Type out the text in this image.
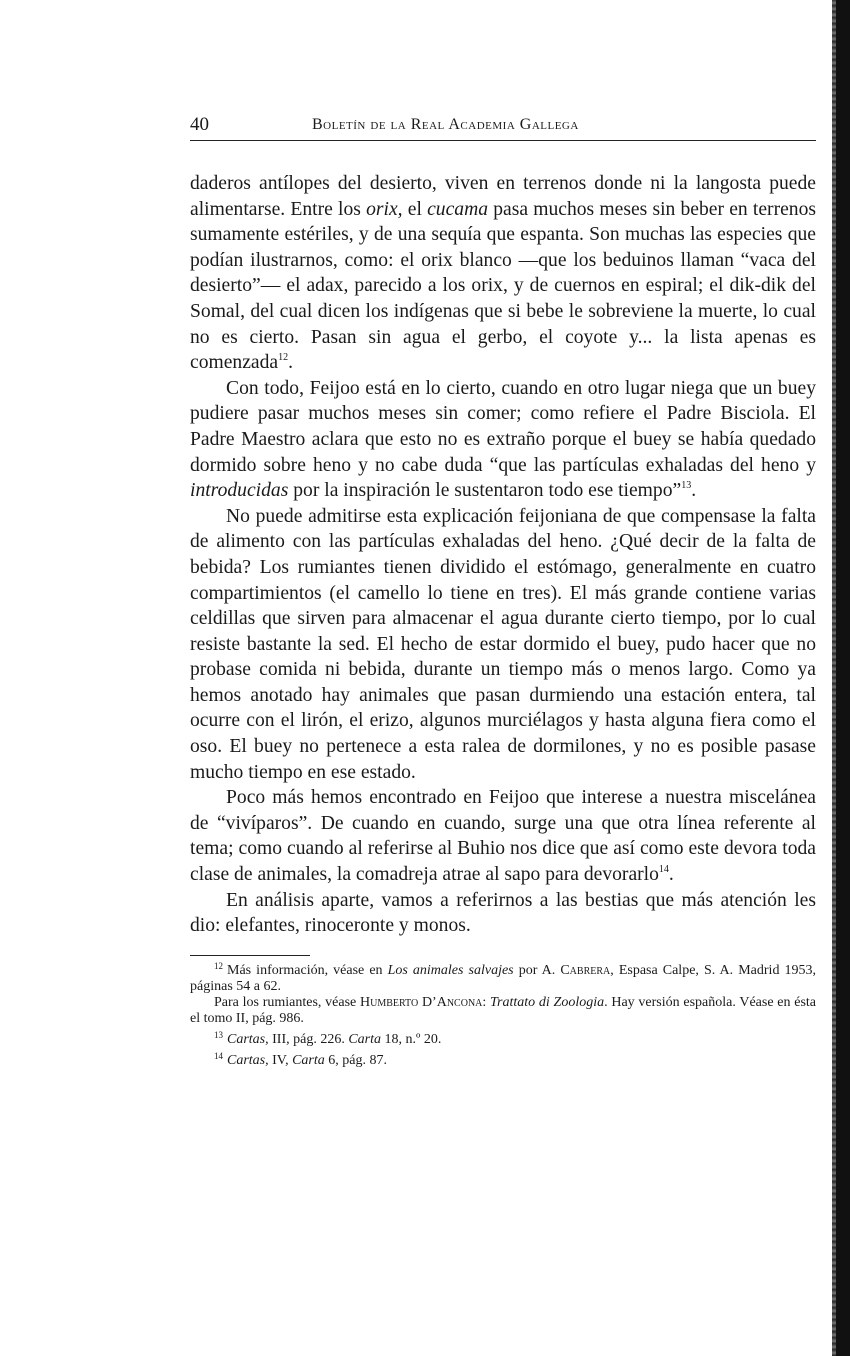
40	Boletín de la Real Academia Gallega

daderos antílopes del desierto, viven en terrenos donde ni la langosta puede alimentarse. Entre los orix, el cucama pasa muchos meses sin beber en terrenos sumamente estériles, y de una sequía que espanta. Son muchas las especies que podían ilustrarnos, como: el orix blanco —que los beduinos llaman “vaca del desierto”— el adax, parecido a los orix, y de cuernos en espiral; el dik-dik del Somal, del cual dicen los indígenas que si bebe le sobreviene la muerte, lo cual no es cierto. Pasan sin agua el gerbo, el coyote y... la lista apenas es comenzada$^{12}$.

Con todo, Feijoo está en lo cierto, cuando en otro lugar niega que un buey pudiere pasar muchos meses sin comer; como refiere el Padre Bisciola. El Padre Maestro aclara que esto no es extraño porque el buey se había quedado dormido sobre heno y no cabe duda “que las partículas exhaladas del heno y introducidas por la inspiración le sustentaron todo ese tiempo”$^{13}$.

No puede admitirse esta explicación feijoniana de que compensase la falta de alimento con las partículas exhaladas del heno. ¿Qué decir de la falta de bebida? Los rumiantes tienen dividido el estómago, generalmente en cuatro compartimientos (el camello lo tiene en tres). El más grande contiene varias celdillas que sirven para almacenar el agua durante cierto tiempo, por lo cual resiste bastante la sed. El hecho de estar dormido el buey, pudo hacer que no probase comida ni bebida, durante un tiempo más o menos largo. Como ya hemos anotado hay animales que pasan durmiendo una estación entera, tal ocurre con el lirón, el erizo, algunos murciélagos y hasta alguna fiera como el oso. El buey no pertenece a esta ralea de dormilones, y no es posible pasase mucho tiempo en ese estado.

Poco más hemos encontrado en Feijoo que interese a nuestra miscelánea de “vivíparos”. De cuando en cuando, surge una que otra línea referente al tema; como cuando al referirse al Buhio nos dice que así como este devora toda clase de animales, la comadreja atrae al sapo para devorarlo$^{14}$.

En análisis aparte, vamos a referirnos a las bestias que más atención les dio: elefantes, rinoceronte y monos.

$^{12}$ Más información, véase en Los animales salvajes por A. Cabrera, Espasa Calpe, S. A. Madrid 1953, páginas 54 a 62.

Para los rumiantes, véase Humberto D’Ancona: Trattato di Zoologia. Hay versión española. Véase en ésta el tomo II, pág. 986.

$^{13}$ Cartas, III, pág. 226. Carta 18, n.º 20.

$^{14}$ Cartas, IV, Carta 6, pág. 87.
